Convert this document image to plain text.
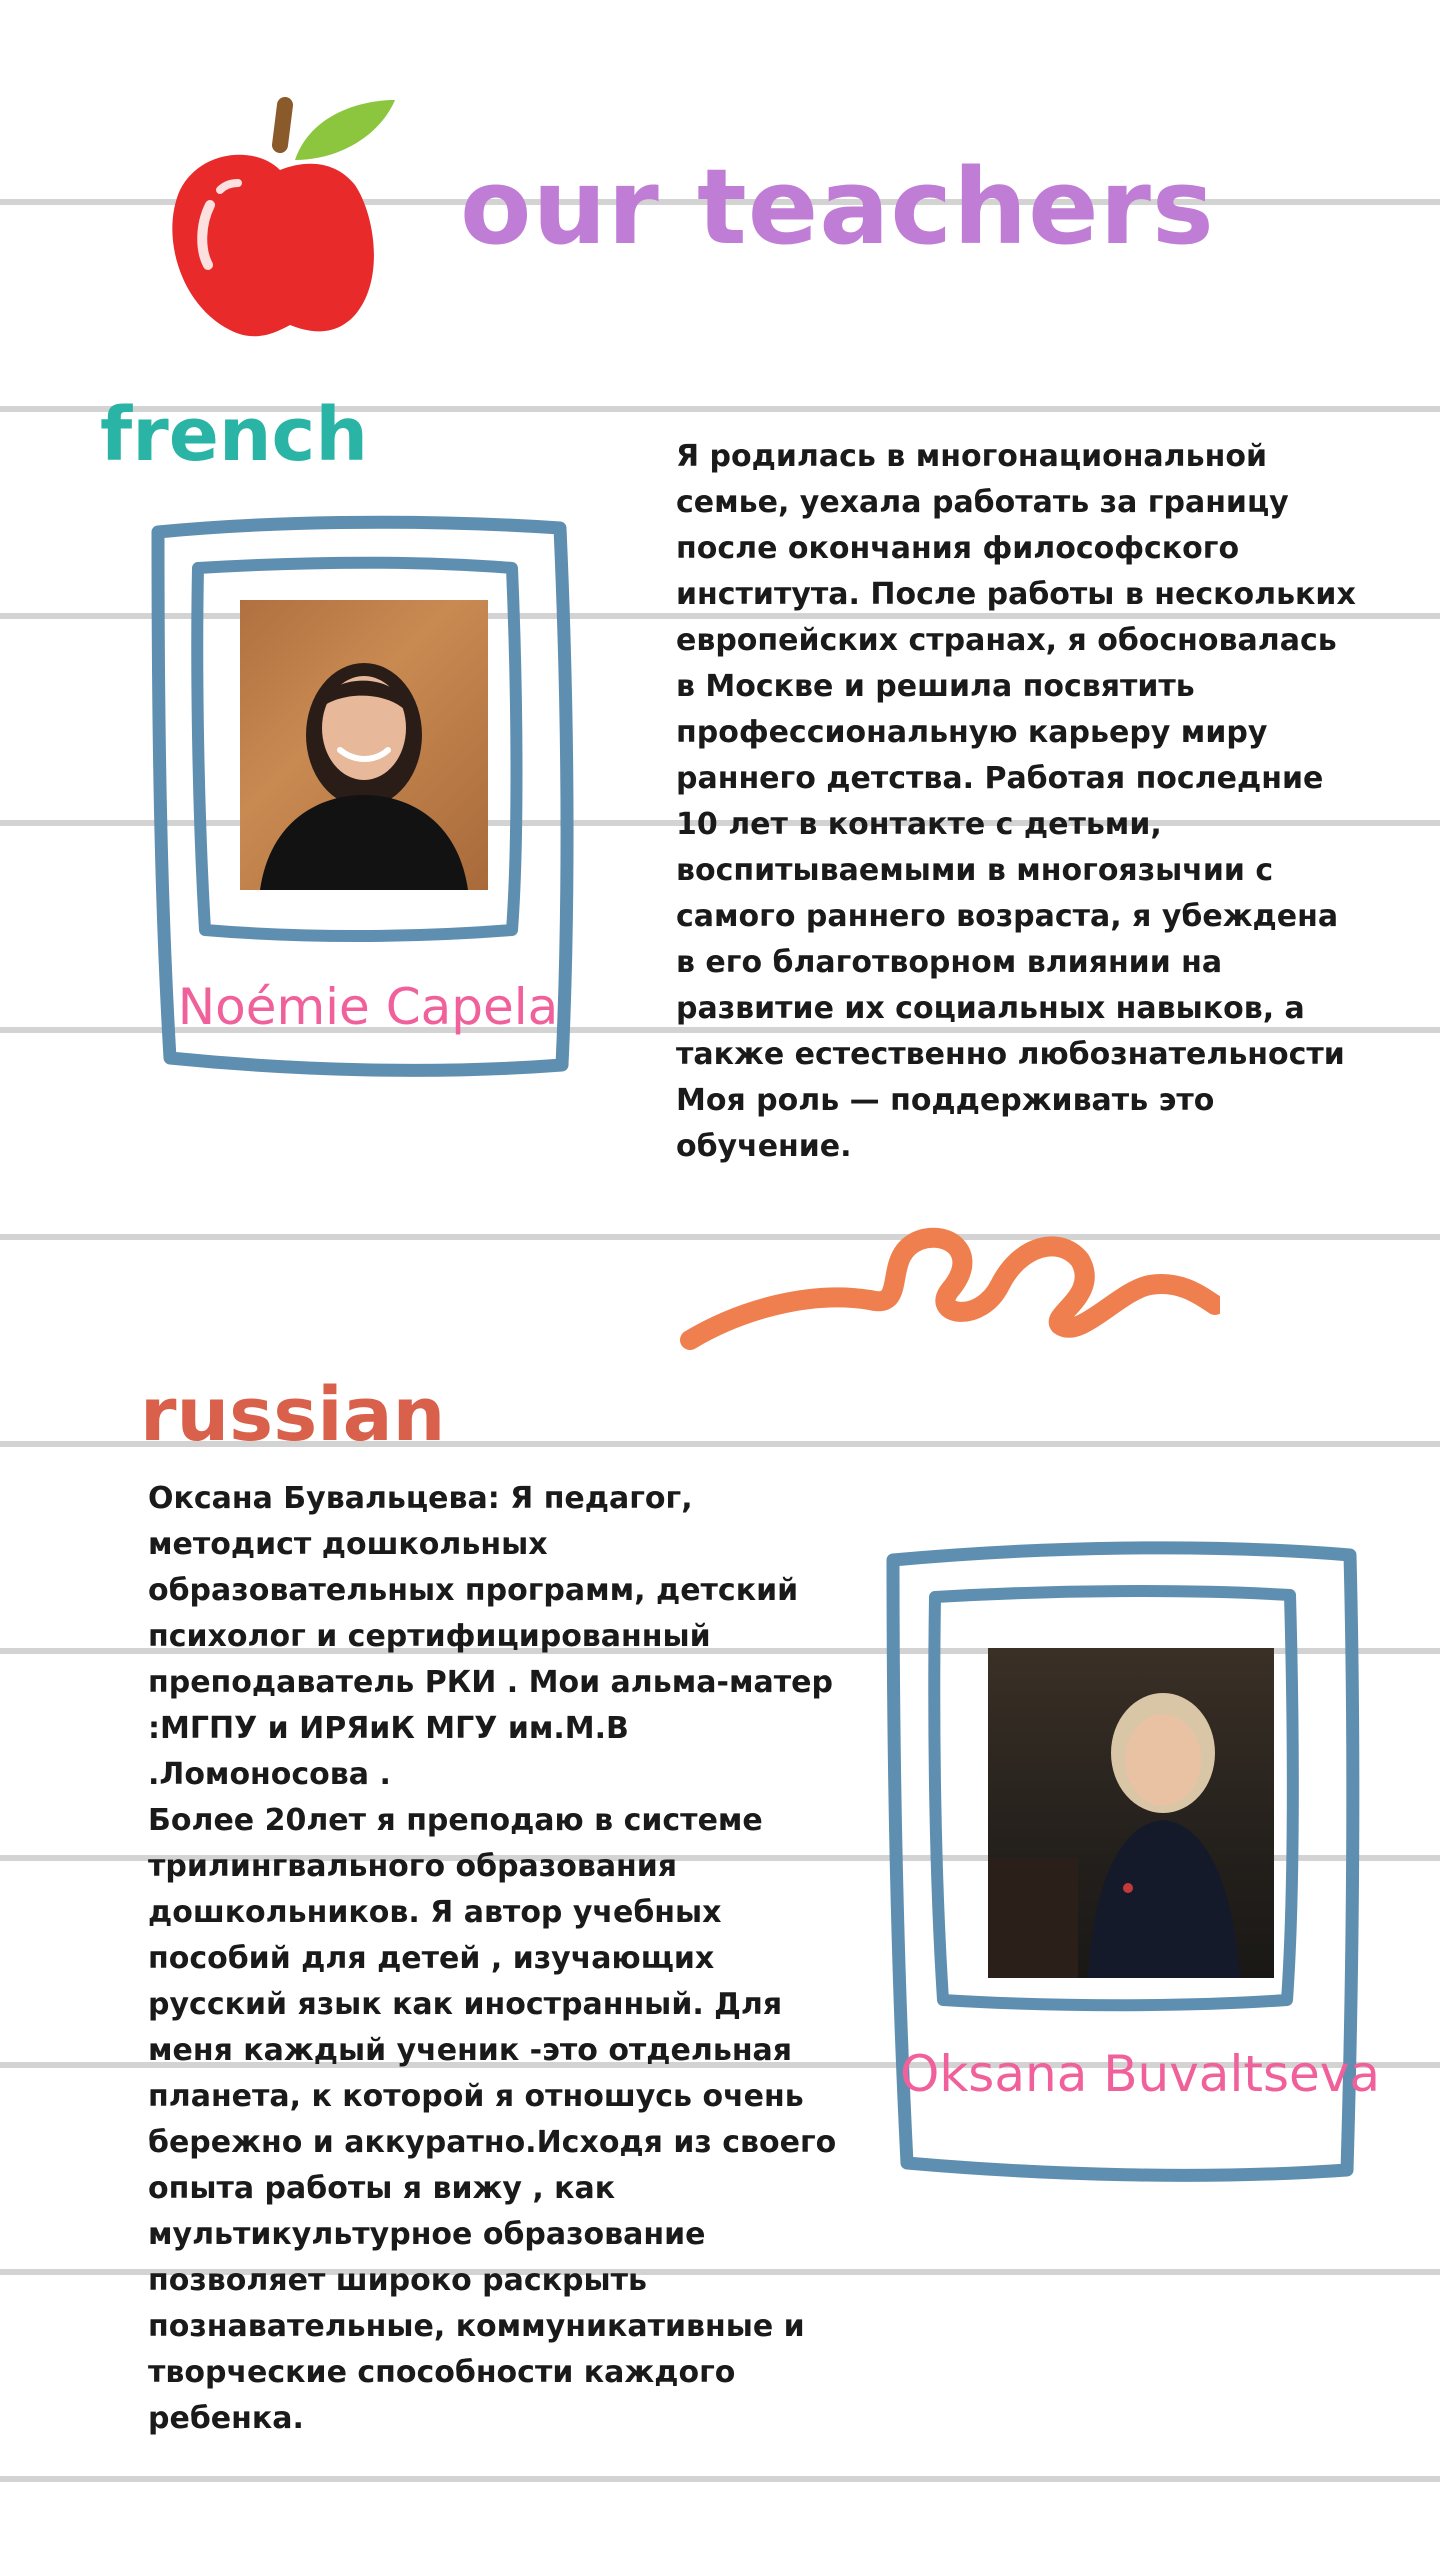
our teachers
french

Noémie Capela

Я родилась в многонациональной семье, уехала работать за границу после окончания философского института. После работы в нескольких европейских странах, я обосновалась в Москве и решила посвятить профессиональную карьеру миру раннего детства. Работая последние 10 лет в контакте с детьми, воспитываемыми в многоязычии с самого раннего возраста, я убеждена в его благотворном влиянии на развитие их социальных навыков, а также естественно любознательности Моя роль — поддерживать это обучение.

russian

Оксана Бувальцева: Я педагог, методист дошкольных образовательных программ, детский психолог и сертифицированный преподаватель РКИ . Мои альма-матер :МГПУ и ИРЯиК МГУ им.М.В .Ломоносова .
Более 20лет я преподаю в системе трилингвального образования дошкольников. Я автор учебных пособий для детей , изучающих русский язык как иностранный. Для меня каждый ученик -это отдельная планета, к которой я отношусь очень бережно и аккуратно.Исходя из своего опыта работы я вижу , как мультикультурное образование позволяет широко раскрыть познавательные, коммуникативные и творческие способности каждого ребенка.

Oksana Buvaltseva
